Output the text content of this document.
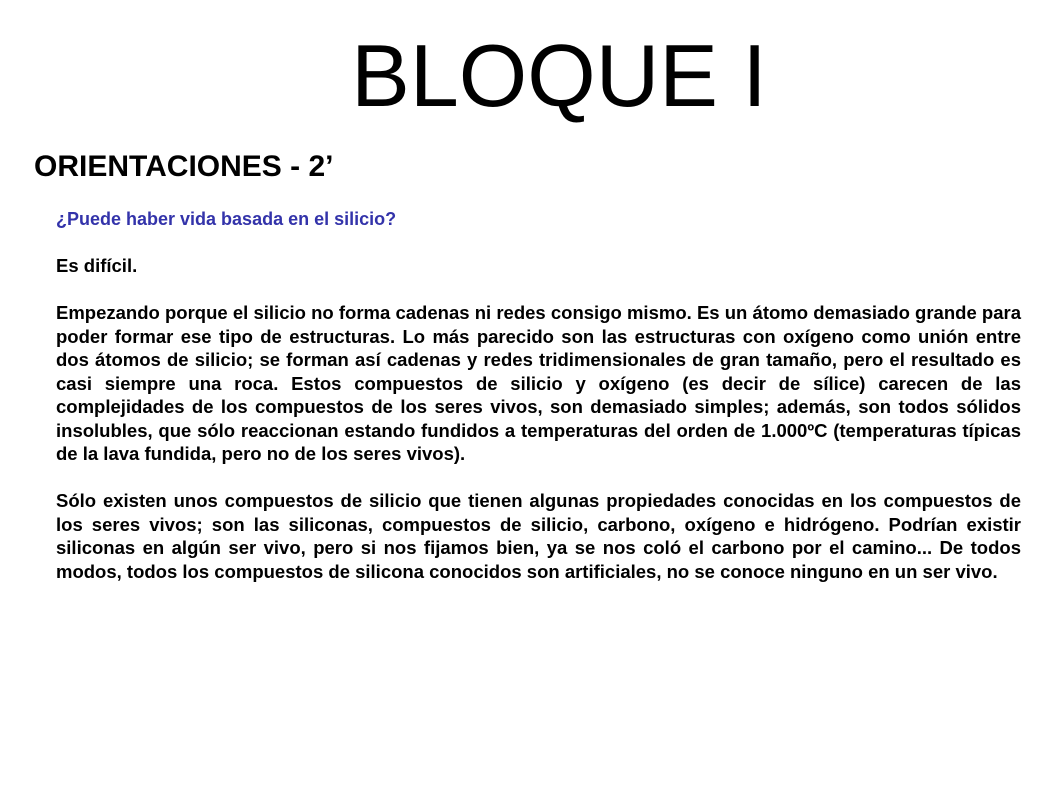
BLOQUE I
ORIENTACIONES - 2’
¿Puede haber vida basada en el silicio?

Es difícil.

Empezando porque el silicio no forma cadenas ni redes consigo mismo. Es un átomo demasiado grande para poder formar ese tipo de estructuras. Lo más parecido son las estructuras con oxígeno como unión entre dos átomos de silicio; se forman así cadenas y redes tridimensionales de gran tamaño, pero el resultado es casi siempre una roca. Estos compuestos de silicio y oxígeno (es decir de sílice) carecen de las complejidades de los compuestos de los seres vivos, son demasiado simples; además, son todos sólidos insolubles, que sólo reaccionan estando fundidos a temperaturas del orden de 1.000ºC (temperaturas típicas de la lava fundida, pero no de los seres vivos).

Sólo existen unos compuestos de silicio que tienen algunas propiedades conocidas en los compuestos de los seres vivos; son las siliconas, compuestos de silicio, carbono, oxígeno e hidrógeno. Podrían existir siliconas en algún ser vivo, pero si nos fijamos bien, ya se nos coló el carbono por el camino... De todos modos, todos los compuestos de silicona conocidos son artificiales, no se conoce ninguno en un ser vivo.
